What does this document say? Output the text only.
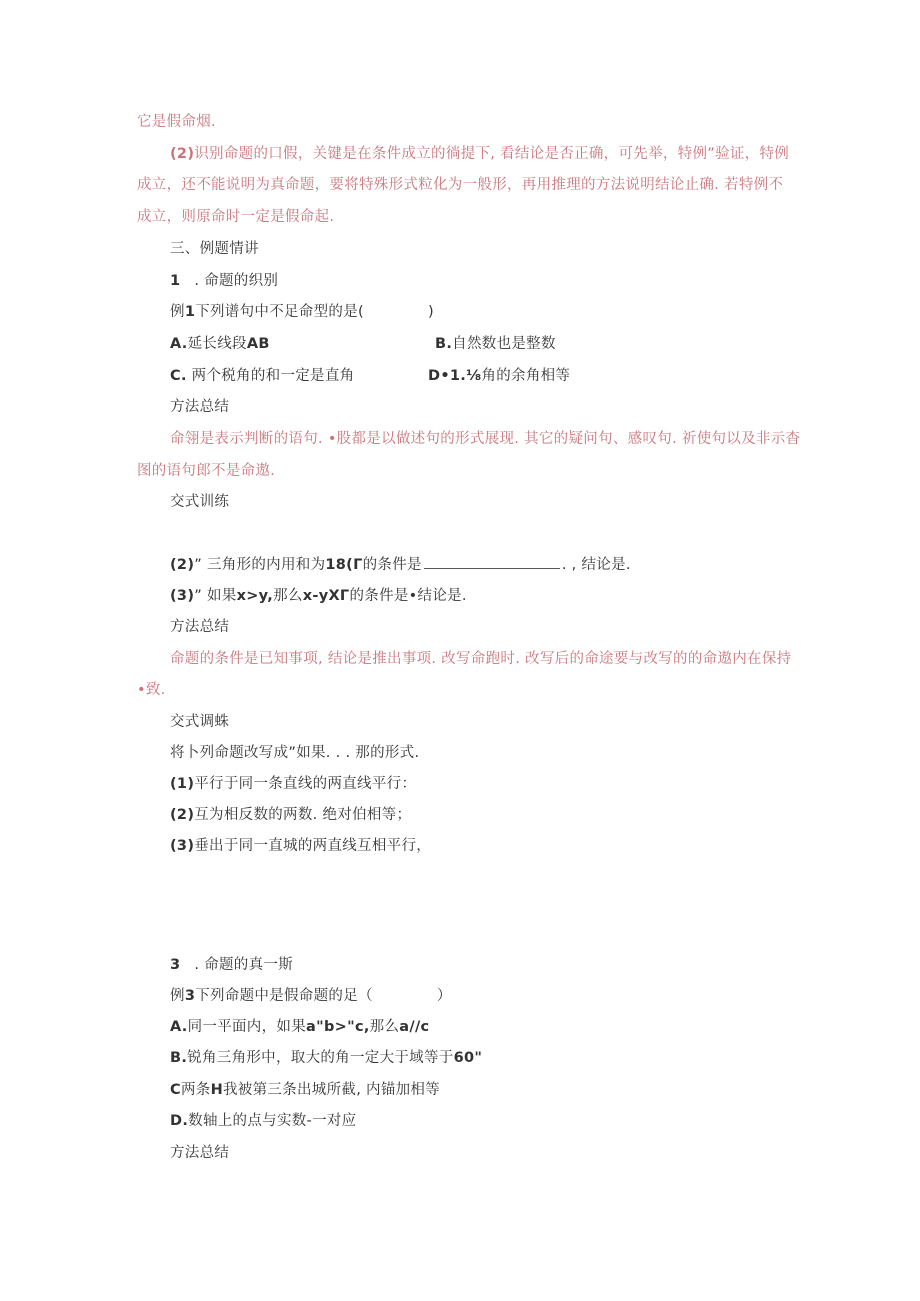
它是假命烟.
(2)识别命题的口假，关键是在条件成立的徜提下, 看结论是否正确，可先举，特例”验证，特例
成立，还不能说明为真命题，要将特殊形式粒化为一般形，再用推理的方法说明结论止确. 若特例不
成立，则原命时一定是假命起.
三、例题情讲
1 . 命题的织别
例1下列谱句中不足命型的是(	)
A.延长线段AB	B.自然数也是整数
C. 两个税角的和一定是直角	D•1.⅛角的余角相等
方法总结
命翎是表示判断的语句. •股都是以做述句的形式展现. 其它的疑问句、感叹句. 祈使句以及非示杳
图的语句郎不是命遨.
交式训练
(2)” 三角形的内用和为18(Γ的条件是	. , 结论是.
(3)” 如果x>y,那么x-yXΓ的条件是•结论是.
方法总结
命题的条件是已知事项, 结论是推出事项. 改写命跑时. 改写后的命途要与改写的的命遨内在保持
•致.
交式调蛛
将卜列命题改写成”如果. . . 那的形式.
(1)平行于同一条直线的两直线平行：
(2)互为相反数的两数. 绝对伯相等；
(3)垂出于同一直城的两直线互相平行，
3 . 命题的真一斯
例3下列命题中是假命题的足（	）
A.同一平面内，如果a"b>"c,那么a//c
B.锐角三角形中，取大的角一定大于域等于60"
C两条H我被第三条出城所截, 内锚加相等
D.数轴上的点与实数-一对应
方法总结
